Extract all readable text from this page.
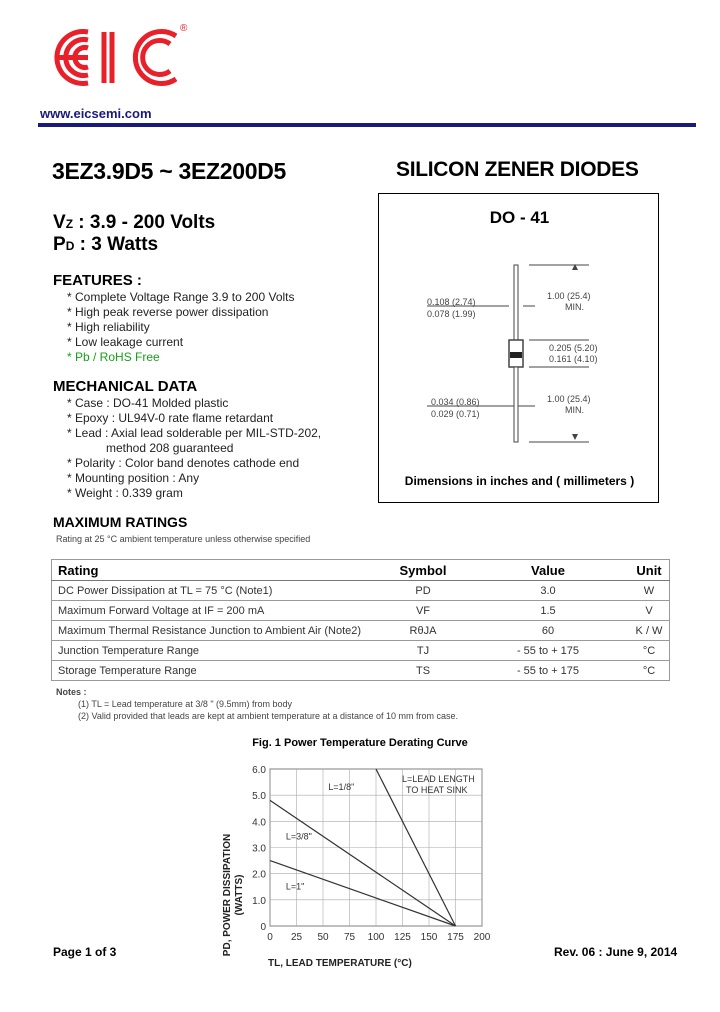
®
www.eicsemi.com
3EZ3.9D5 ~ 3EZ200D5	SILICON ZENER DIODES
VZ : 3.9 - 200 Volts
PD : 3 Watts
FEATURES :
* Complete Voltage Range 3.9 to 200 Volts
* High peak reverse power dissipation
* High reliability
* Low leakage current
* Pb / RoHS Free
MECHANICAL DATA
* Case : DO-41 Molded plastic
* Epoxy : UL94V-0 rate flame retardant
* Lead : Axial lead solderable per MIL-STD-202,
method 208 guaranteed
* Polarity : Color band denotes cathode end
* Mounting position : Any
* Weight : 0.339 gram
DO - 41
0.108 (2.74)
0.078 (1.99)
1.00 (25.4)
MIN.
0.205 (5.20)
0.161 (4.10)
0.034 (0.86)
0.029 (0.71)
1.00 (25.4)
MIN.
Dimensions in inches and ( millimeters )
MAXIMUM RATINGS
Rating at 25 °C ambient temperature unless otherwise specified
Rating	Symbol	Value	Unit
DC Power Dissipation at TL = 75 °C (Note1)	PD	3.0	W
Maximum Forward Voltage at IF = 200 mA	VF	1.5	V
Maximum Thermal Resistance Junction to Ambient Air (Note2)	RθJA	60	K / W
Junction Temperature Range	TJ	- 55 to + 175	°C
Storage Temperature Range	TS	- 55 to + 175	°C
Notes :
(1) TL = Lead temperature at 3/8 " (9.5mm) from body
(2) Valid provided that leads are kept at ambient temperature at a distance of 10 mm from case.
Fig. 1 Power Temperature Derating Curve
0
1.0
2.0
3.0
4.0
5.0
6.0
0 25 50 75 100 125 150 175 200
L=1/8"
L=3/8"
L=1"
L=LEAD LENGTH
TO HEAT SINK
TL, LEAD TEMPERATURE (°C)
PD, POWER DISSIPATION (WATTS)
Page 1 of 3	Rev. 06 : June 9, 2014
